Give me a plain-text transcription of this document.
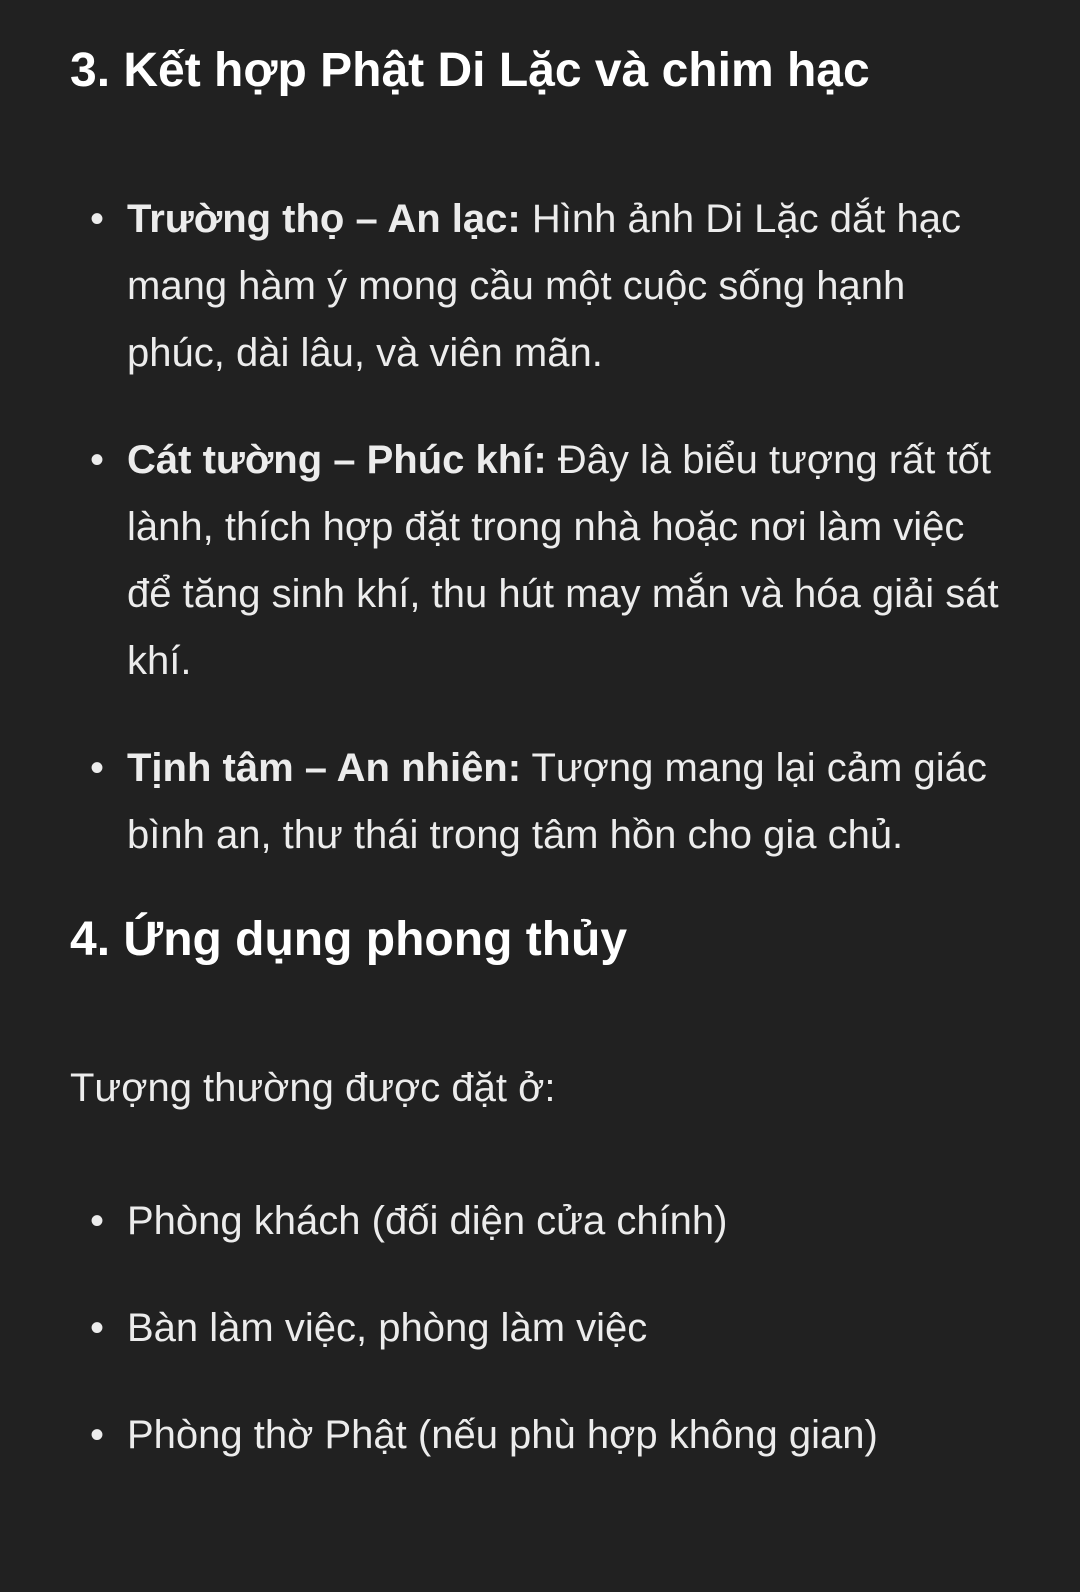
3. Kết hợp Phật Di Lặc và chim hạc
• Trường thọ – An lạc: Hình ảnh Di Lặc dắt hạc mang hàm ý mong cầu một cuộc sống hạnh phúc, dài lâu, và viên mãn.
• Cát tường – Phúc khí: Đây là biểu tượng rất tốt lành, thích hợp đặt trong nhà hoặc nơi làm việc để tăng sinh khí, thu hút may mắn và hóa giải sát khí.
• Tịnh tâm – An nhiên: Tượng mang lại cảm giác bình an, thư thái trong tâm hồn cho gia chủ.
4. Ứng dụng phong thủy

Tượng thường được đặt ở:

• Phòng khách (đối diện cửa chính)
• Bàn làm việc, phòng làm việc
• Phòng thờ Phật (nếu phù hợp không gian)
